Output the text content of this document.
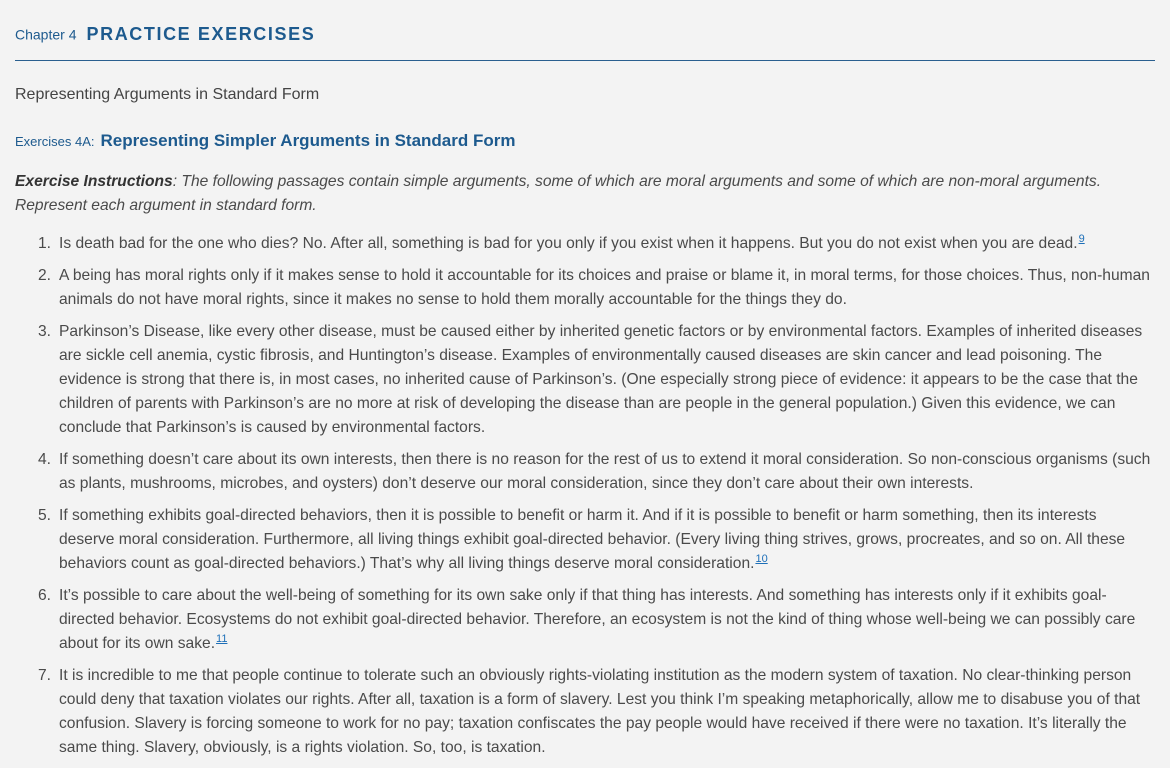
Chapter 4 PRACTICE EXERCISES
Representing Arguments in Standard Form
Exercises 4A: Representing Simpler Arguments in Standard Form
Exercise Instructions: The following passages contain simple arguments, some of which are moral arguments and some of which are non-moral arguments. Represent each argument in standard form.
1. Is death bad for the one who dies? No. After all, something is bad for you only if you exist when it happens. But you do not exist when you are dead.$^9$
2. A being has moral rights only if it makes sense to hold it accountable for its choices and praise or blame it, in moral terms, for those choices. Thus, non-human animals do not have moral rights, since it makes no sense to hold them morally accountable for the things they do.
3. Parkinson’s Disease, like every other disease, must be caused either by inherited genetic factors or by environmental factors. Examples of inherited diseases are sickle cell anemia, cystic fibrosis, and Huntington’s disease. Examples of environmentally caused diseases are skin cancer and lead poisoning. The evidence is strong that there is, in most cases, no inherited cause of Parkinson’s. (One especially strong piece of evidence: it appears to be the case that the children of parents with Parkinson’s are no more at risk of developing the disease than are people in the general population.) Given this evidence, we can conclude that Parkinson’s is caused by environmental factors.
4. If something doesn’t care about its own interests, then there is no reason for the rest of us to extend it moral consideration. So non-conscious organisms (such as plants, mushrooms, microbes, and oysters) don’t deserve our moral consideration, since they don’t care about their own interests.
5. If something exhibits goal-directed behaviors, then it is possible to benefit or harm it. And if it is possible to benefit or harm something, then its interests deserve moral consideration. Furthermore, all living things exhibit goal-directed behavior. (Every living thing strives, grows, procreates, and so on. All these behaviors count as goal-directed behaviors.) That’s why all living things deserve moral consideration.$^{10}$
6. It’s possible to care about the well-being of something for its own sake only if that thing has interests. And something has interests only if it exhibits goal-directed behavior. Ecosystems do not exhibit goal-directed behavior. Therefore, an ecosystem is not the kind of thing whose well-being we can possibly care about for its own sake.$^{11}$
7. It is incredible to me that people continue to tolerate such an obviously rights-violating institution as the modern system of taxation. No clear-thinking person could deny that taxation violates our rights. After all, taxation is a form of slavery. Lest you think I’m speaking metaphorically, allow me to disabuse you of that confusion. Slavery is forcing someone to work for no pay; taxation confiscates the pay people would have received if there were no taxation. It’s literally the same thing. Slavery, obviously, is a rights violation. So, too, is taxation.
